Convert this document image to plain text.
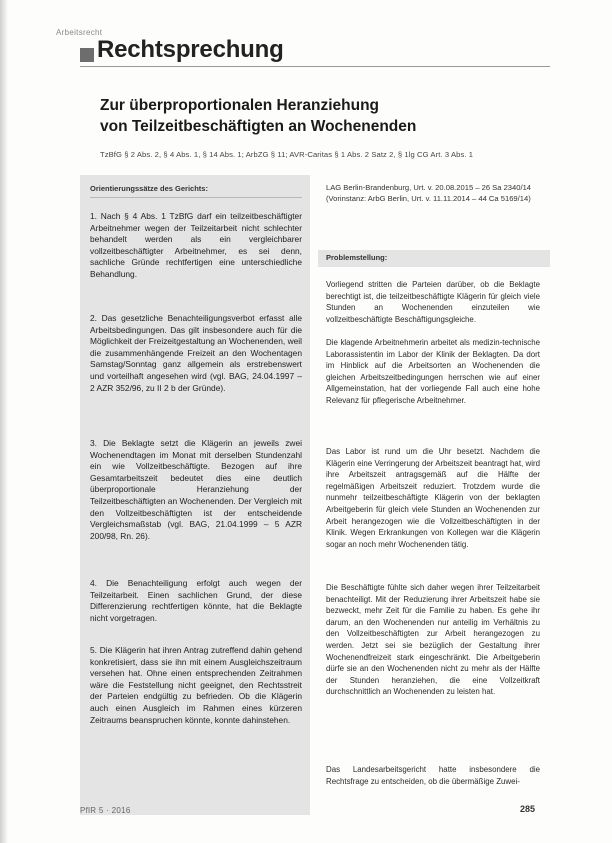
Arbeitsrecht
Rechtsprechung
Zur überproportionalen Heranziehung
von Teilzeitbeschäftigten an Wochenenden
TzBfG § 2 Abs. 2, § 4 Abs. 1, § 14 Abs. 1; ArbZG § 11; AVR-Caritas § 1 Abs. 2 Satz 2, § 1lg CG Art. 3 Abs. 1
Orientierungssätze des Gerichts:

1. Nach § 4 Abs. 1 TzBfG darf ein teilzeitbeschäftigter Arbeitnehmer wegen der Teilzeitarbeit nicht schlechter behandelt werden als ein vergleichbarer vollzeitbeschäftigter Arbeitnehmer, es sei denn, sachliche Gründe rechtfertigen eine unterschiedliche Behandlung.

2. Das gesetzliche Benachteiligungsverbot erfasst alle Arbeitsbedingungen. Das gilt insbesondere auch für die Möglichkeit der Freizeitgestaltung an Wochenenden, weil die zusammenhängende Freizeit an den Wochentagen Samstag/Sonntag ganz allgemein als erstrebenswert und vorteilhaft angesehen wird (vgl. BAG, 24.04.1997 – 2 AZR 352/96, zu II 2 b der Gründe).

3. Die Beklagte setzt die Klägerin an jeweils zwei Wochenendtagen im Monat mit derselben Stundenzahl ein wie Vollzeitbeschäftigte. Bezogen auf ihre Gesamtarbeitszeit bedeutet dies eine deutlich überproportionale Heranziehung der Teilzeitbeschäftigten an Wochenenden. Der Vergleich mit den Vollzeitbeschäftigten ist der entscheidende Vergleichsmaßstab (vgl. BAG, 21.04.1999 – 5 AZR 200/98, Rn. 26).

4. Die Benachteiligung erfolgt auch wegen der Teilzeitarbeit. Einen sachlichen Grund, der diese Differenzierung rechtfertigen könnte, hat die Beklagte nicht vorgetragen.

5. Die Klägerin hat ihren Antrag zutreffend dahin gehend konkretisiert, dass sie ihn mit einem Ausgleichszeitraum versehen hat. Ohne einen entsprechenden Zeitrahmen wäre die Feststellung nicht geeignet, den Rechtsstreit der Parteien endgültig zu befrieden. Ob die Klägerin auch einen Ausgleich im Rahmen eines kürzeren Zeitraums beanspruchen könnte, konnte dahinstehen.

LAG Berlin-Brandenburg, Urt. v. 20.08.2015 – 26 Sa 2340/14 (Vorinstanz: ArbG Berlin, Urt. v. 11.11.2014 – 44 Ca 5169/14)
Problemstellung:

Vorliegend stritten die Parteien darüber, ob die Beklagte berechtigt ist, die teilzeitbeschäftigte Klägerin für gleich viele Stunden an Wochenenden einzuteilen wie vollzeitbeschäftigte Beschäftigungsgleiche.

Die klagende Arbeitnehmerin arbeitet als medizin-technische Laborassistentin im Labor der Klinik der Beklagten. Da dort im Hinblick auf die Arbeitsorten an Wochenenden die gleichen Arbeitszeitbedingungen herrschen wie auf einer Allgemeinstation, hat der vorliegende Fall auch eine hohe Relevanz für pflegerische Arbeitnehmer.

Das Labor ist rund um die Uhr besetzt. Nachdem die Klägerin eine Verringerung der Arbeitszeit beantragt hat, wird ihre Arbeitszeit antragsgemäß auf die Hälfte der regelmäßigen Arbeitszeit reduziert. Trotzdem wurde die nunmehr teilzeitbeschäftigte Klägerin von der beklagten Arbeitgeberin für gleich viele Stunden an Wochenenden zur Arbeit herangezogen wie die Vollzeitbeschäftigten in der Klinik. Wegen Erkrankungen von Kollegen war die Klägerin sogar an noch mehr Wochenenden tätig.

Die Beschäftigte fühlte sich daher wegen ihrer Teilzeitarbeit benachteiligt. Mit der Reduzierung ihrer Arbeitszeit habe sie bezweckt, mehr Zeit für die Familie zu haben. Es gehe ihr darum, an den Wochenenden nur anteilig im Verhältnis zu den Vollzeitbeschäftigten zur Arbeit herangezogen zu werden. Jetzt sei sie bezüglich der Gestaltung ihrer Wochenendfreizeit stark eingeschränkt. Die Arbeitgeberin dürfe sie an den Wochenenden nicht zu mehr als der Hälfte der Stunden heranziehen, die eine Vollzeitkraft durchschnittlich an Wochenenden zu leisten hat.

Das Landesarbeitsgericht hatte insbesondere die Rechtsfrage zu entscheiden, ob die übermäßige Zuwei-

PflR 5 · 2016	285
